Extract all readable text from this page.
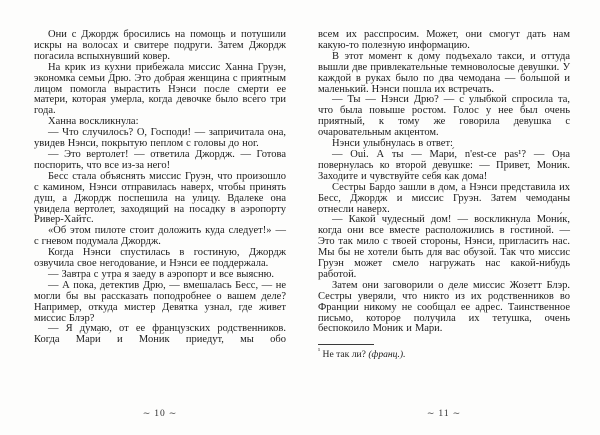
Они с Джордж бросились на помощь и потушили искры на волосах и свитере подруги. Затем Джордж погасила вспыхнувший ковер.

На крик из кухни прибежала миссис Ханна Груэн, экономка семьи Дрю. Это добрая женщина с приятным лицом помогла вырастить Нэнси после смерти ее матери, которая умерла, когда девочке было всего три года.

Ханна воскликнула:

— Что случилось? О, Господи! — запричитала она, увидев Нэнси, покрытую пеплом с головы до ног.

— Это вертолет! — ответила Джордж. — Готова поспорить, что все из-за него!

Бесс стала объяснять миссис Груэн, что произошло с камином, Нэнси отправилась наверх, чтобы принять душ, а Джордж поспешила на улицу. Вдалеке она увидела вертолет, заходящий на посадку в аэропорту Ривер-Хайтс.

«Об этом пилоте стоит доложить куда следует!» — с гневом подумала Джордж.

Когда Нэнси спустилась в гостиную, Джордж озвучила свое негодование, и Нэнси ее поддержала.

— Завтра с утра я заеду в аэропорт и все выясню.

— А пока, детектив Дрю, — вмешалась Бесс, — не могли бы вы рассказать поподробнее о вашем деле? Например, откуда мистер Девятка узнал, где живет миссис Блэр?

— Я думаю, от ее французских родственников. Когда Мари́ и Мони́к приедут, мы обо

всем их расспросим. Может, они смогут дать нам какую-то полезную информацию.

В этот момент к дому подъехало такси, и оттуда вышли две привлекательные темноволосые девушки. У каждой в руках было по два чемодана — большой и маленький. Нэнси пошла их встречать.

— Ты — Нэнси Дрю? — с улыбкой спросила та, что была повыше ростом. Голос у нее был очень приятный, к тому же говорила девушка с очаровательным акцентом.

Нэнси улыбнулась в ответ:

— Oui. А ты — Мари́, n'est-ce pas¹? — Она повернулась ко второй девушке: — Привет, Мони́к. Заходите и чувствуйте себя как дома!

Сестры Бардо зашли в дом, а Нэнси представила их Бесс, Джордж и миссис Груэн. Затем чемоданы отнесли наверх.

— Какой чудесный дом! — воскликнула Мони́к, когда они все вместе расположились в гостиной. — Это так мило с твоей стороны, Нэнси, пригласить нас. Мы бы не хотели быть для вас обузой. Так что миссис Груэн может смело нагружать нас какой-нибудь работой.

Затем они заговорили о деле миссис Жозетт Блэр. Сестры уверяли, что никто из их родственников во Франции никому не сообщал ее адрес. Таинственное письмо, которое получила их тетушка, очень беспокоило Мони́к и Мари́.

$^{^1}$ Не так ли? (франц.).
∼ 10 ∼	∼ 11 ∼
